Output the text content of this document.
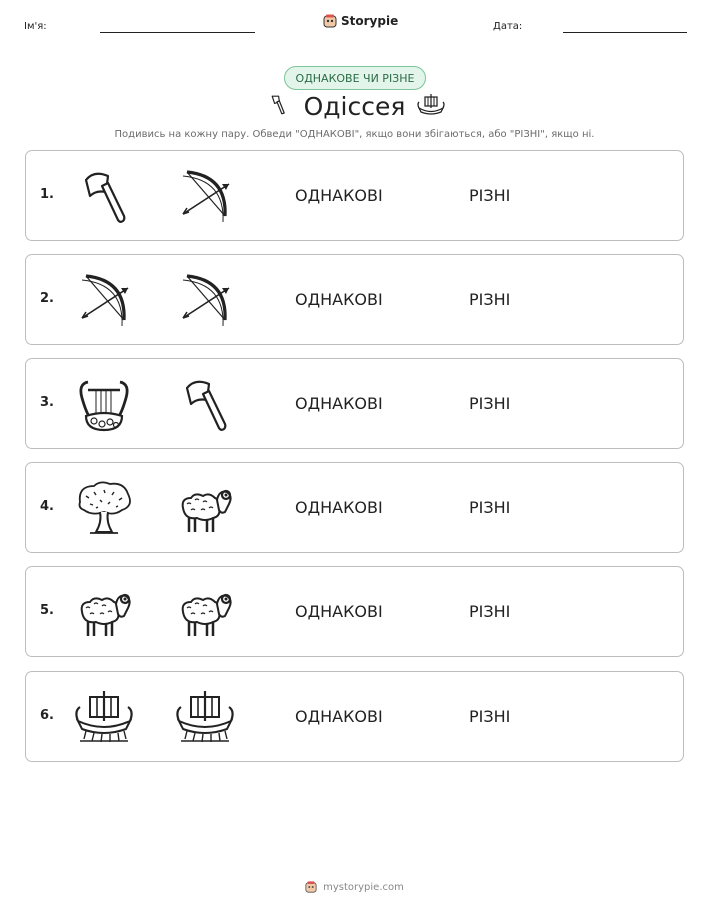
Ім'я:	Storypie	Дата:
ОДНАКОВЕ ЧИ РІЗНЕ
Одіссея
Подивись на кожну пару. Обведи "ОДНАКОВІ", якщо вони збігаються, або "РІЗНІ", якщо ні.
1.	ОДНАКОВІ	РІЗНІ
2.	ОДНАКОВІ	РІЗНІ
3.	ОДНАКОВІ	РІЗНІ
4.	ОДНАКОВІ	РІЗНІ
5.	ОДНАКОВІ	РІЗНІ
6.	ОДНАКОВІ	РІЗНІ
mystorypie.com
